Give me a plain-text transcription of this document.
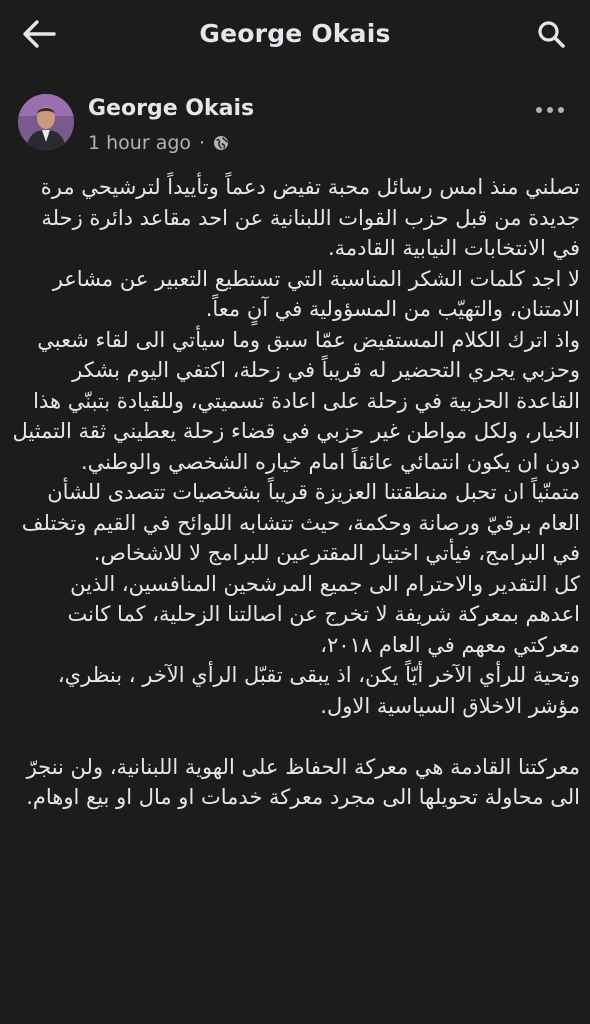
George Okais
George Okais
1 hour ago ·

تصلني منذ امس رسائل محبة تفيض دعماً وتأييداً لترشيحي مرة جديدة من قبل حزب القوات اللبنانية عن احد مقاعد دائرة زحلة في الانتخابات النيابية القادمة.

لا اجد كلمات الشكر المناسبة التي تستطيع التعبير عن مشاعر الامتنان، والتهيّب من المسؤولية في آنٍ معاً.

واذ اترك الكلام المستفيض عمّا سبق وما سيأتي الى لقاء شعبي وحزبي يجري التحضير له قريباً في زحلة، اكتفي اليوم بشكر القاعدة الحزبية في زحلة على اعادة تسميتي، وللقيادة بتبنّي هذا الخيار، ولكل مواطن غير حزبي في قضاء زحلة يعطيني ثقة التمثيل دون ان يكون انتمائي عائقاً امام خياره الشخصي والوطني.

متمنّياً ان تحبل منطقتنا العزيزة قريباً بشخصيات تتصدى للشأن العام برقيّ ورصانة وحكمة، حيث تتشابه اللوائح في القيم وتختلف في البرامج، فيأتي اختيار المقترعين للبرامج لا للاشخاص.

كل التقدير والاحترام الى جميع المرشحين المنافسين، الذين اعدهم بمعركة شريفة لا تخرج عن اصالتنا الزحلية، كما كانت معركتي معهم في العام ٢٠١٨،

وتحية للرأي الآخر أيّاً يكن، اذ يبقى تقبّل الرأي الآخر ، بنظري، مؤشر الاخلاق السياسية الاول.

معركتنا القادمة هي معركة الحفاظ على الهوية اللبنانية، ولن ننجرّ الى محاولة تحويلها الى مجرد معركة خدمات او مال او بيع اوهام.
